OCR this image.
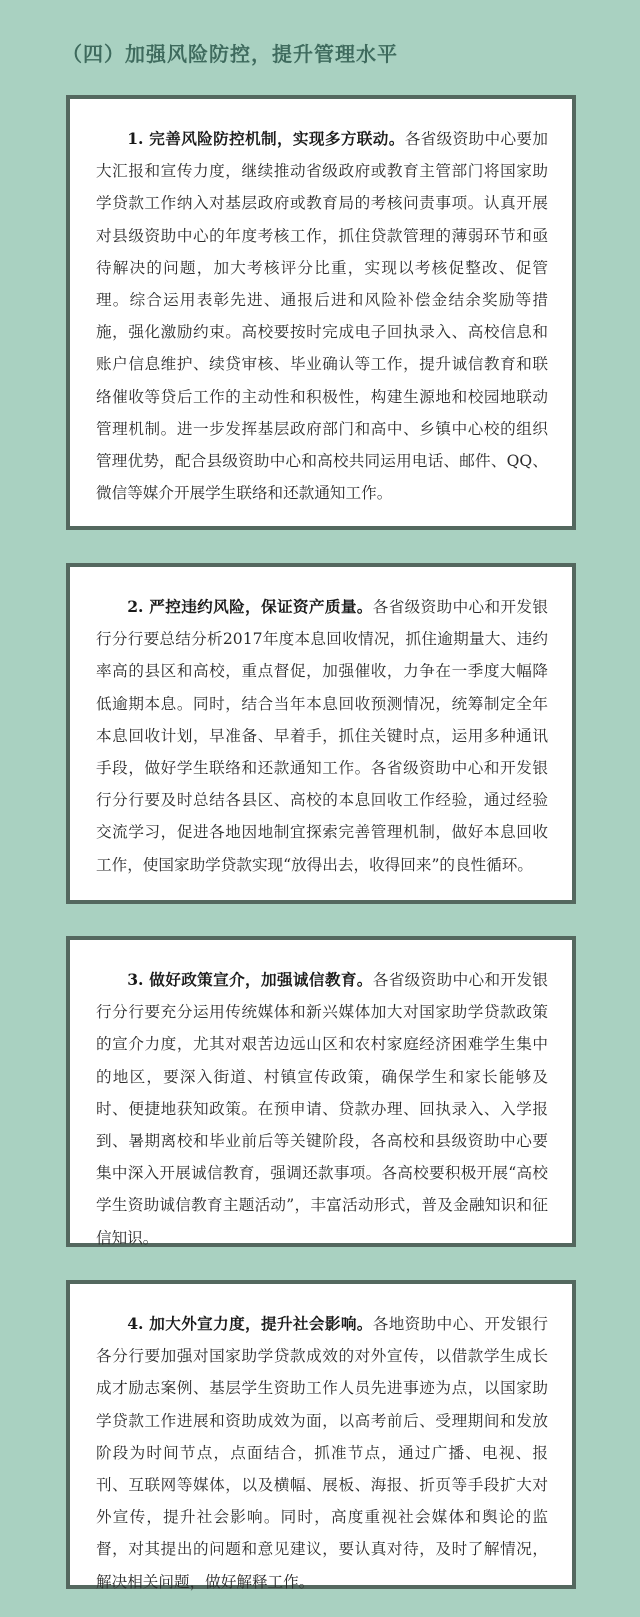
（四）加强风险防控，提升管理水平

1. 完善风险防控机制，实现多方联动。各省级资助中心要加大汇报和宣传力度，继续推动省级政府或教育主管部门将国家助学贷款工作纳入对基层政府或教育局的考核问责事项。认真开展对县级资助中心的年度考核工作，抓住贷款管理的薄弱环节和亟待解决的问题，加大考核评分比重，实现以考核促整改、促管理。综合运用表彰先进、通报后进和风险补偿金结余奖励等措施，强化激励约束。高校要按时完成电子回执录入、高校信息和账户信息维护、续贷审核、毕业确认等工作，提升诚信教育和联络催收等贷后工作的主动性和积极性，构建生源地和校园地联动管理机制。进一步发挥基层政府部门和高中、乡镇中心校的组织管理优势，配合县级资助中心和高校共同运用电话、邮件、QQ、微信等媒介开展学生联络和还款通知工作。

2. 严控违约风险，保证资产质量。各省级资助中心和开发银行分行要总结分析2017年度本息回收情况，抓住逾期量大、违约率高的县区和高校，重点督促，加强催收，力争在一季度大幅降低逾期本息。同时，结合当年本息回收预测情况，统筹制定全年本息回收计划，早准备、早着手，抓住关键时点，运用多种通讯手段，做好学生联络和还款通知工作。各省级资助中心和开发银行分行要及时总结各县区、高校的本息回收工作经验，通过经验交流学习，促进各地因地制宜探索完善管理机制，做好本息回收工作，使国家助学贷款实现“放得出去，收得回来”的良性循环。

3. 做好政策宣介，加强诚信教育。各省级资助中心和开发银行分行要充分运用传统媒体和新兴媒体加大对国家助学贷款政策的宣介力度，尤其对艰苦边远山区和农村家庭经济困难学生集中的地区，要深入街道、村镇宣传政策，确保学生和家长能够及时、便捷地获知政策。在预申请、贷款办理、回执录入、入学报到、暑期离校和毕业前后等关键阶段，各高校和县级资助中心要集中深入开展诚信教育，强调还款事项。各高校要积极开展“高校学生资助诚信教育主题活动”，丰富活动形式，普及金融知识和征信知识。

4. 加大外宣力度，提升社会影响。各地资助中心、开发银行各分行要加强对国家助学贷款成效的对外宣传，以借款学生成长成才励志案例、基层学生资助工作人员先进事迹为点，以国家助学贷款工作进展和资助成效为面，以高考前后、受理期间和发放阶段为时间节点，点面结合，抓准节点，通过广播、电视、报刊、互联网等媒体，以及横幅、展板、海报、折页等手段扩大对外宣传，提升社会影响。同时，高度重视社会媒体和舆论的监督，对其提出的问题和意见建议，要认真对待，及时了解情况，解决相关问题，做好解释工作。
